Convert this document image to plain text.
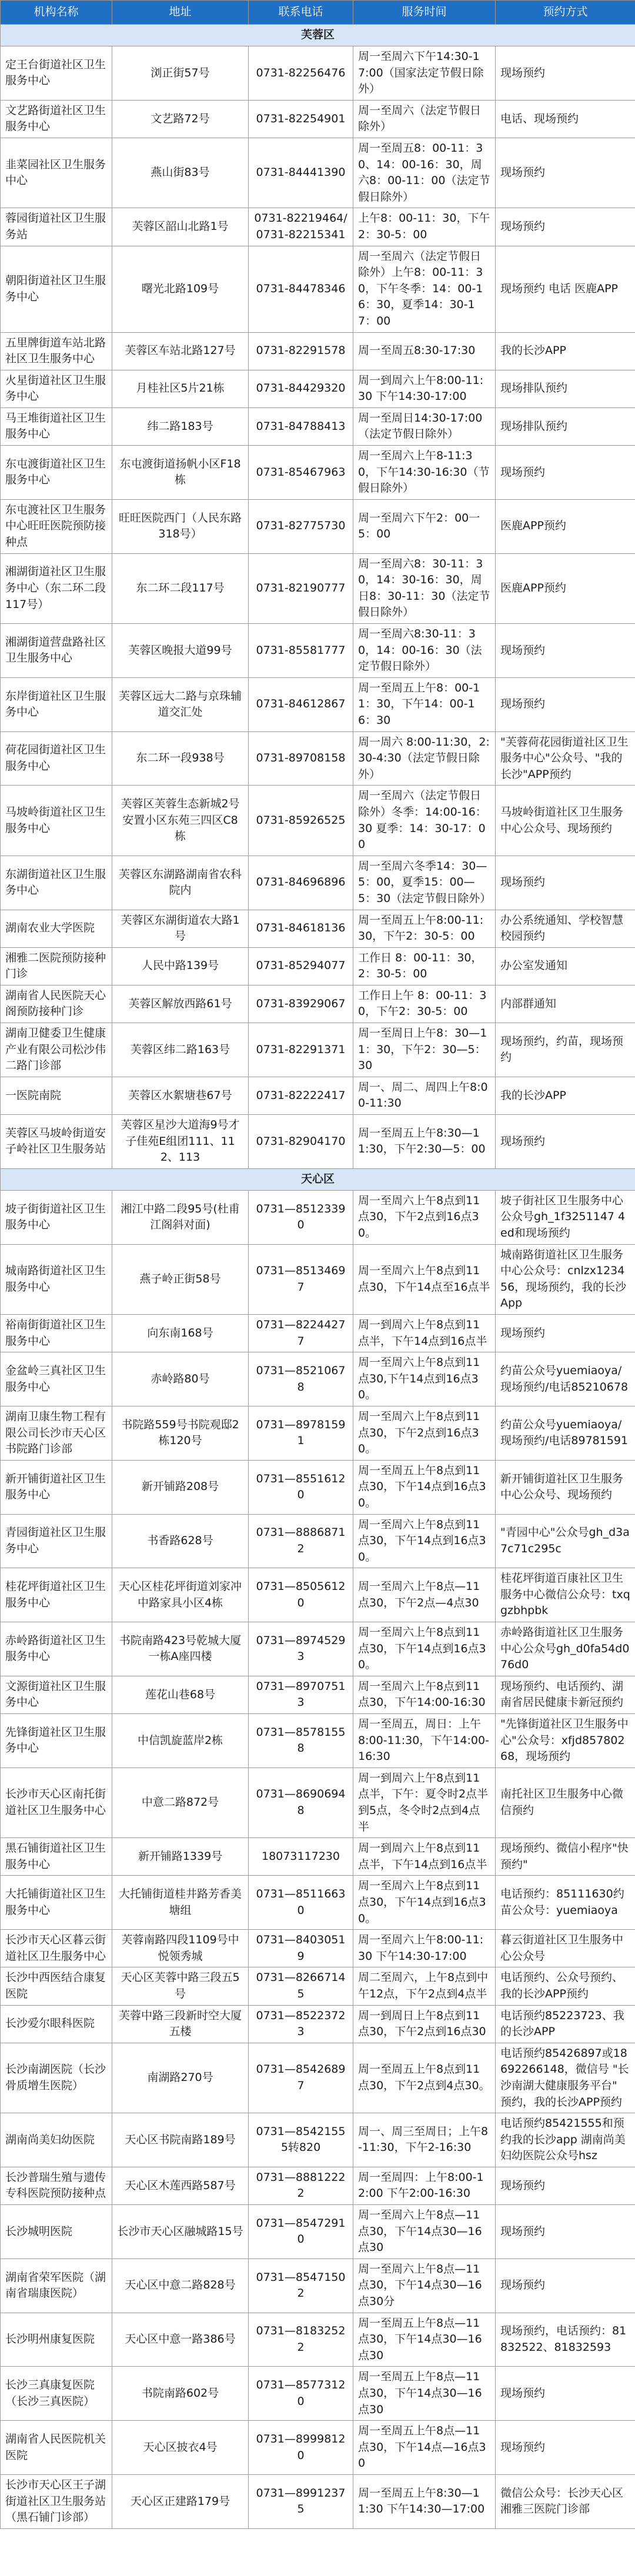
机构名称	地址	联系电话	服务时间	预约方式
芙蓉区				
定王台街道社区卫生服务中心	浏正街57号	0731-82256476	周一至周六下午14:30-17:00（国家法定节假日除外）	现场预约
文艺路街道社区卫生服务中心	文艺路72号	0731-82254901	周一至周六（法定节假日除外）	电话、现场预约
韭菜园社区卫生服务中心	燕山街83号	0731-84441390	周一至周五8：00-11：30、14：00-16：30，周六8：00-11：00（法定节假日除外）	现场预约
蓉园街道社区卫生服务站	芙蓉区韶山北路1号	0731-82219464/0731-82215341	上午8：00-11：30，下午2：30-5：00	现场预约
朝阳街道社区卫生服务中心	曙光北路109号	0731-84478346	周一至周六（法定节假日除外）上午8：00-11：30，下午冬季：14：00-16：30，夏季14：30-17：00	现场预约 电话 医鹿APP
五里牌街道车站北路社区卫生服务中心	芙蓉区车站北路127号	0731-82291578	周一至周五8:30-17:30	我的长沙APP
火星街道社区卫生服务中心	月桂社区5片21栋	0731-84429320	周一到周六上午8:00-11:30 下午14:30-17:00	现场排队预约
马王堆街道社区卫生服务中心	纬二路183号	0731-84788413	周一至周日14:30-17:00（法定节假日除外）	现场排队预约
东屯渡街道社区卫生服务中心	东屯渡街道扬帆小区F18栋	0731-85467963	周一至周六上午8-11:30，下午14:30-16:30（节假日除外）	现场预约
东屯渡社区卫生服务中心旺旺医院预防接种点	旺旺医院西门（人民东路318号）	0731-82775730	周一至周六下午2：00一5：00	医鹿APP预约
湘湖街道社区卫生服务中心（东二环二段117号）	东二环二段117号	0731-82190777	周一至周六8：30-11：30，14：30-16：30，周日8：30-11：30（法定节假日除外）	医鹿APP预约
湘湖街道营盘路社区卫生服务中心	芙蓉区晚报大道99号	0731-85581777	周一至周六8:30-11：30，14：00-16：30（法定节假日除外）	现场预约
东岸街道社区卫生服务中心	芙蓉区远大二路与京珠辅道交汇处	0731-84612867	周一至周五上午8：00-11：30，下午14：00-16：30	现场预约
荷花园街道社区卫生服务中心	东二环一段938号	0731-89708158	周一周六 8:00-11:30，2:30-4:30（法定节假日除外）	"芙蓉荷花园街道社区卫生服务中心"公众号、"我的长沙"APP预约
马坡岭街道社区卫生服务中心	芙蓉区芙蓉生态新城2号安置小区东苑三四区C8栋	0731-85926525	周一至周六（法定节假日除外）冬季：14:00-16：30 夏季：14：30-17：00	马坡岭街道社区卫生服务中心公众号、现场预约
东湖街道社区卫生服务中心	芙蓉区东湖路湖南省农科院内	0731-84696896	周一至周六冬季14：30—5：00，夏季15：00—5：30（法定节假日除外）	现场预约
湖南农业大学医院	芙蓉区东湖街道农大路1号	0731-84618136	周一至周五上午8:00-11:30，下午2：30-5：00	办公系统通知、学校智慧校园预约
湘雅二医院预防接种门诊	人民中路139号	0731-85294077	工作日 8：00-11：30，2：30-5：00	办公室发通知
湖南省人民医院天心阁预防接种门诊	芙蓉区解放西路61号	0731-83929067	工作日上午 8：00-11：30，下午2：30-5：00	内部群通知
湖南卫健委卫生健康产业有限公司松沙伟二路门诊部	芙蓉区纬二路163号	0731-82291371	周一至周日上午8：30—11：30，下午2：30—5：30	现场预约，约苗，现场预约
一医院南院	芙蓉区水絮塘巷67号	0731-82222417	周一、周二、周四上午8:00-11:30	我的长沙APP
芙蓉区马坡岭街道安子岭社区卫生服务站	芙蓉区星沙大道海9号才子佳苑E组团111、112、113	0731-82904170	周一至周五上午8:30—11:30，下午2:30—5：00	现场预约
天心区				
坡子街街道社区卫生服务中心	湘江中路二段95号(杜甫江阁斜对面)	0731—85123390	周一至周六上午8点到11点30，下午2点到16点30。	坡子街社区卫生服务中心公众号gh_1f3251147 4ed和现场预约
城南路街道社区卫生服务中心	燕子岭正街58号	0731—85134697	周一至周六上午8点到11点30，下午14点至16点半	城南路街道社区卫生服务中心公众号：cnlzx123456，现场预约，我的长沙App
裕南街街道社区卫生服务中心	向东南168号	0731—82244277	周一到周六上午8点到11点半，下午14点到16点半	现场预约
金盆岭三真社区卫生服务中心	赤岭路80号	0731—85210678	周一至周六上午8点到11点30,下午14点到16点30。	约苗公众号yuemiaoya/现场预约/电话85210678
湖南卫康生物工程有限公司长沙市天心区书院路门诊部	书院路559号书院观邸2栋120号	0731—89781591	周一至周六上午8点到11点30，下午2点到16点30。	约苗公众号yuemiaoya/现场预约/电话89781591
新开铺街道社区卫生服务中心	新开铺路208号	0731—85516120	周一至周五上午8点到11点30，下午14点到16点30。	新开铺街道社区卫生服务中心公众号、现场预约
青园街道社区卫生服务中心	书香路628号	0731—88868712	周一至周六上午8点到11点30，下午14点到16点30。	"青园中心"公众号gh_d3a7c71c295c
桂花坪街道社区卫生服务中心	天心区桂花坪街道刘家冲中路家具小区4栋	0731—85056120	周一至周六上午8点—11点30，下午2点—4点30	桂花坪街道百康社区卫生服务中心微信公众号：txqgzbhpbk
赤岭路街道社区卫生服务中心	书院南路423号乾城大厦一栋A座四楼	0731—89745293	周一至周六上午8点到11点30，下午14点到16点30。	赤岭路街道社区卫生服务中心公众号gh_d0fa54d076d0
文源街道社区卫生服务中心	莲花山巷68号	0731—89707513	周一至周六上午8点到11点30，下午14:00-16:30	现场预约、电话预约、湖南省居民健康卡新冠预约
先锋街道社区卫生服务中心	中信凯旋蓝岸2栋	0731—85781558	周一至周五，周日：上午8:00-11:30，下午14:00-16:30	"先锋街道社区卫生服务中心"公众号：xfjd85780268，现场预约
长沙市天心区南托街道社区卫生服务中心	中意二路872号	0731—86906948	周一到周六上午8点到11点半，下午：夏令时2点半到5点，冬令时2点到4点半	南托社区卫生服务中心微信预约
黑石铺街道社区卫生服务中心	新开铺路1339号	18073117230	周一到周六上午8点到11点半，下午14点到16点半	现场预约、微信小程序"快预约"
大托铺街道社区卫生服务中心	大托铺街道桂井路芳香美塘组	0731—85116630	周一至周六上午8点到11点30，下午14点到16点30。	电话预约：85111630约苗公众号：yuemiaoya
长沙市天心区暮云街道社区卫生服务中心	芙蓉南路四段1109号中悦领秀城	0731—84030519	周一至周六上午8:00-11:30 下午14:30-17:00	暮云街道社区卫生服务中心公众号
长沙中西医结合康复医院	天心区芙蓉中路三段五5号	0731—82667145	周二至周六，上午8点到中午12点，下午2点到4点半	电话预约、公众号预约、我的长沙APP预约
长沙爱尔眼科医院	芙蓉中路三段新时空大厦五楼	0731—85223723	周一到周日上午8点到11点30，下午2点到16点30	电话预约85223723、我的长沙APP
长沙南湖医院（长沙骨质增生医院）	南湖路270号	0731—85426897	周一至周五上午8点到11点30，下午2点到4点30。	电话预约85426897或18692266148，微信号 "长沙南湖大健康服务平台" 预约，我的长沙APP预约
湖南尚美妇幼医院	天心区书院南路189号	0731—85421555转820	周一、周三至周日；上午8-11:30，下午2-16:30	电话预约85421555和预约我的长沙app 湖南尚美妇幼医院公众号hsz
长沙普瑞生殖与遗传专科医院预防接种点	天心区木莲西路587号	0731—88812222	周一至周四：上午8:00-12:00 下午2:00-16:30	现场预约
长沙城明医院	长沙市天心区融城路15号	0731—85472910	周一至周六上午8点—11点30，下午14点30—16点30	现场预约
湖南省荣军医院（湖南省瑞康医院）	天心区中意二路828号	0731—85471502	周一至周六上午8点—11点30，下午14点30—16点30分	现场预约
长沙明州康复医院	天心区中意一路386号	0731—81832522	周一至周五上午8点—11点30，下午14点30—16点30	现场预约，电话预约：81832522、81832593
长沙三真康复医院（长沙三真医院）	书院南路602号	0731—85773120	周一至周五上午8点—11点30，下午14点30—16点30	现场预约
湖南省人民医院机关医院	天心区披衣4号	0731—89998120	周一至周五上午8点—11点30，下午14点—16点30	现场预约
长沙市天心区王子湖街道社区卫生服务站（黑石铺门诊部）	天心区正建路179号	0731—89912375	周一至周五上午8:30—11:30 下午14:30—17:00	微信公众号：长沙天心区湘雅三医院门诊部
